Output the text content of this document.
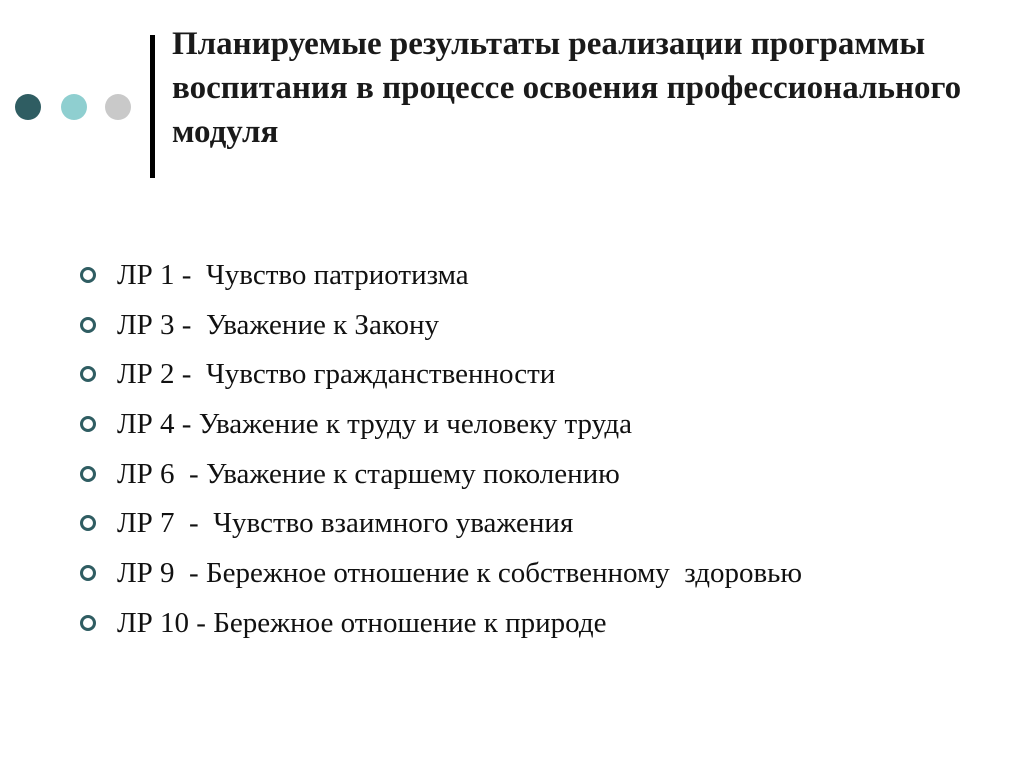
Планируемые результаты реализации программы воспитания в процессе освоения профессионального модуля
ЛР 1 -  Чувство патриотизма
ЛР 3 -  Уважение к Закону
ЛР 2 -  Чувство гражданственности
ЛР 4 - Уважение к труду и человеку труда
ЛР 6  - Уважение к старшему поколению
ЛР 7  -  Чувство взаимного уважения
ЛР 9  - Бережное отношение к собственному  здоровью
ЛР 10 - Бережное отношение к природе
